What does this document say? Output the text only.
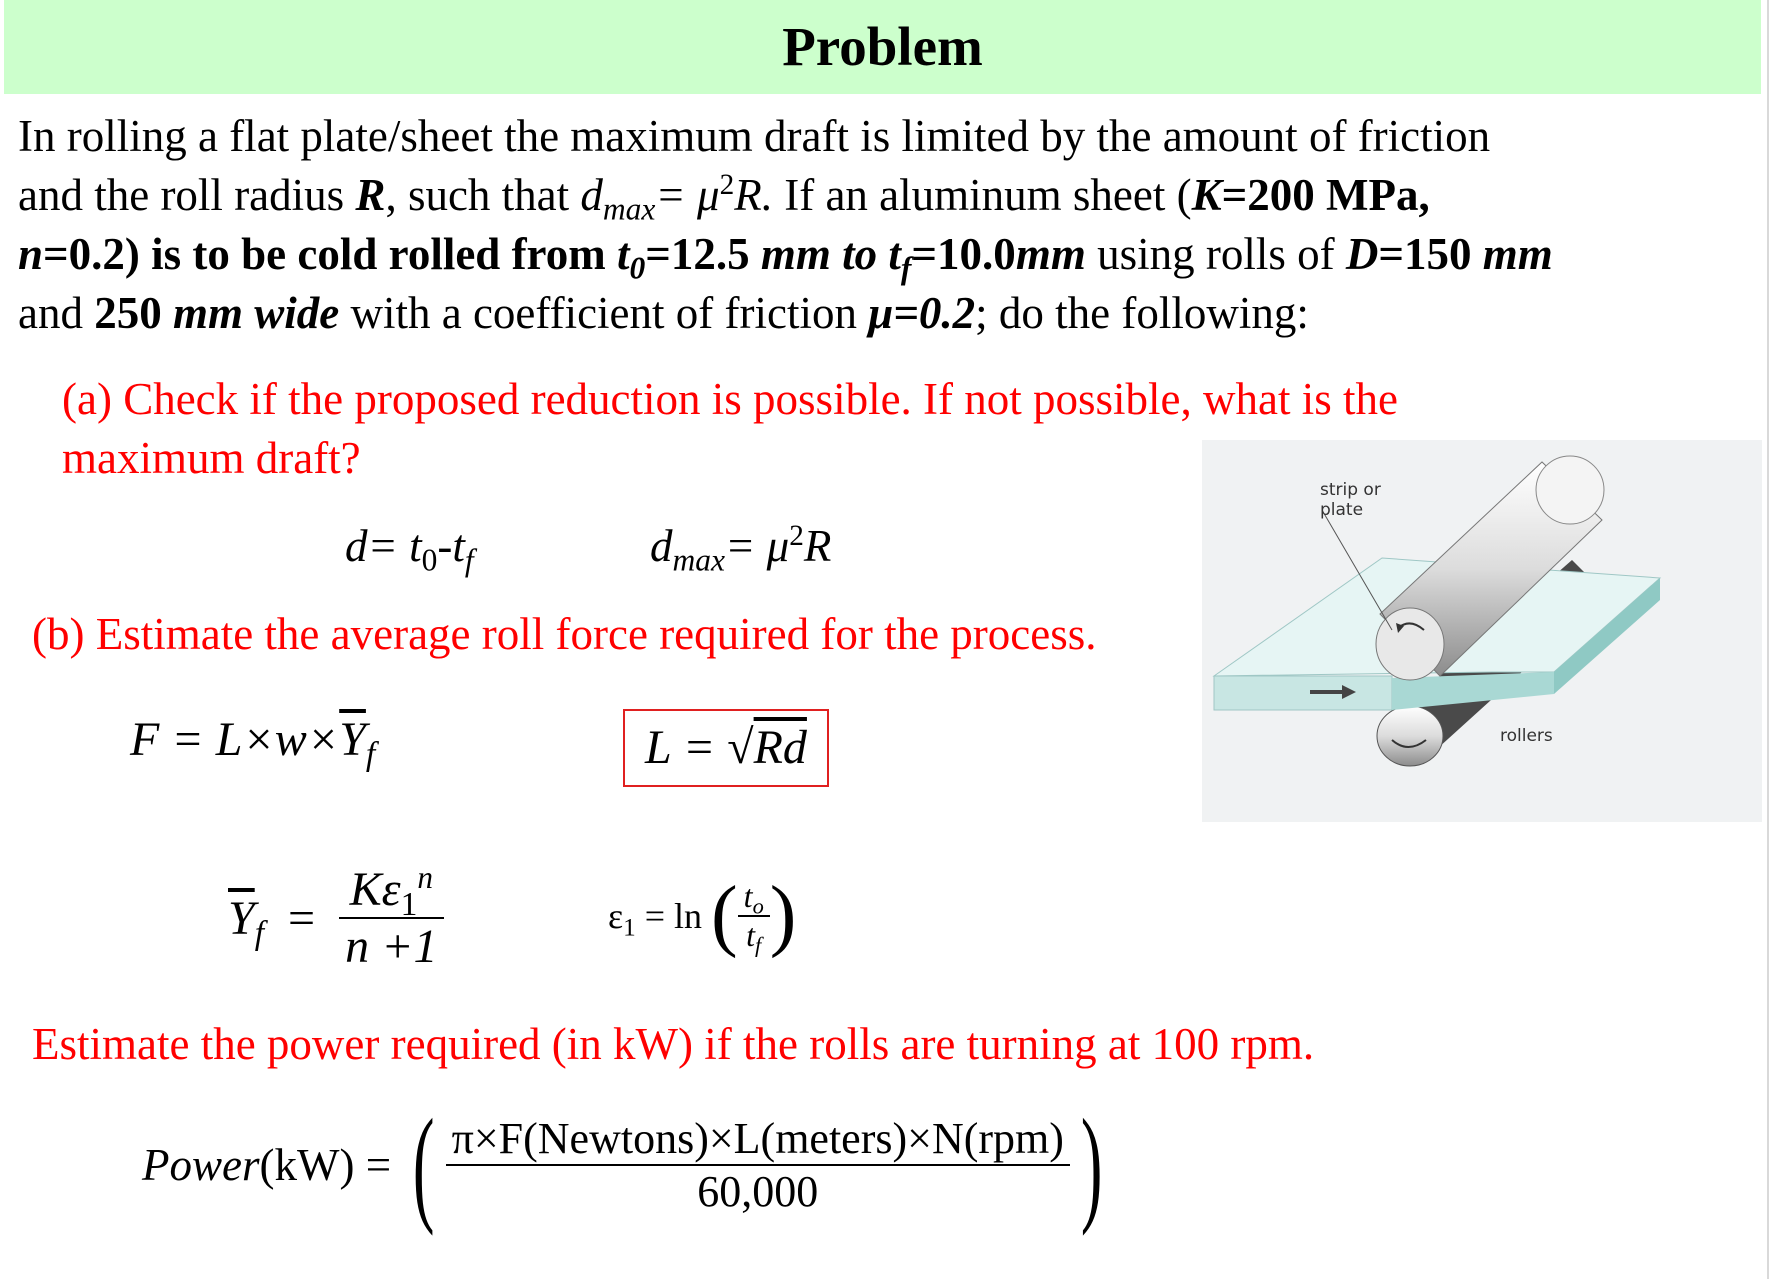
Problem
In rolling a flat plate/sheet the maximum draft is limited by the amount of friction
and the roll radius R, such that $d_{max}= \mu^2R$. If an aluminum sheet (K=200 MPa,
n=0.2) is to be cold rolled from $t_0=12.5$ mm to $t_f=10.0mm$ using rolls of D=150 mm
and 250 mm wide with a coefficient of friction μ=0.2; do the following:
(a) Check if the proposed reduction is possible. If not possible, what is the
maximum draft?
$d= t_0-t_f$	$d_{max}= \mu^2R$
(b) Estimate the average roll force required for the process.
$F = L\times w\times\overline{Y}_f$	L = √Rd
$\overline{Y}_f = \frac{K\varepsilon_1^n}{n +1}$	$\varepsilon_1 = \ln$ ( $\frac{t_o}{t_f}$ )
Estimate the power required (in kW) if the rolls are turning at 100 rpm.
Power(kW) = ( $\frac{\text{π×F(Newtons)×L(meters)×N(rpm)}}{60,000}$ )
strip or
plate
rollers
